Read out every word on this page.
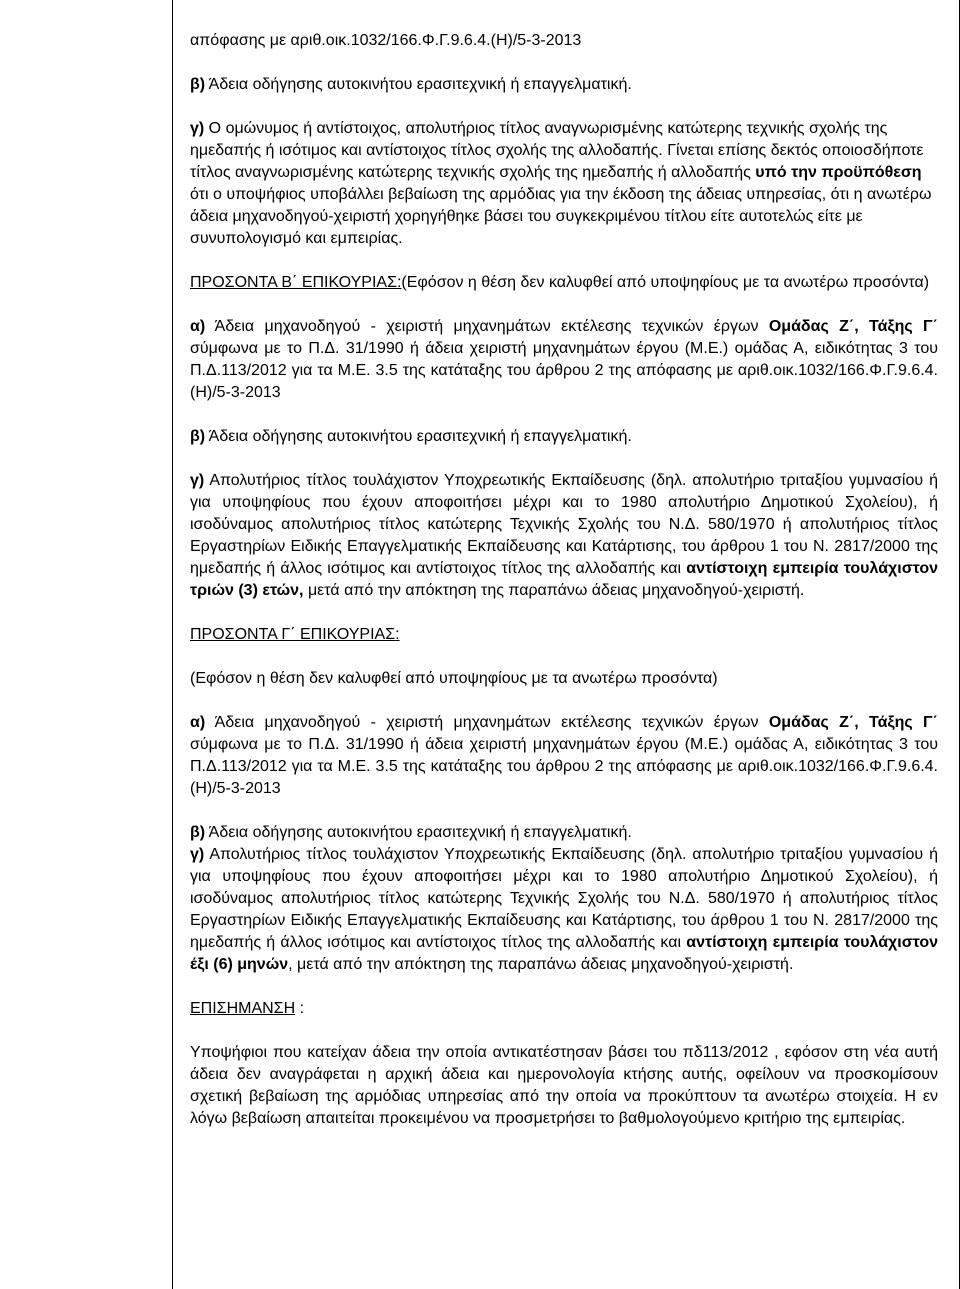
απόφασης με αριθ.οικ.1032/166.Φ.Γ.9.6.4.(Η)/5-3-2013

β) Άδεια οδήγησης αυτοκινήτου ερασιτεχνική ή επαγγελματική.

γ) Ο ομώνυμος ή αντίστοιχος, απολυτήριος τίτλος αναγνωρισμένης κατώτερης τεχνικής σχολής της ημεδαπής ή ισότιμος και αντίστοιχος τίτλος σχολής της αλλοδαπής. Γίνεται επίσης δεκτός οποιοσδήποτε τίτλος αναγνωρισμένης κατώτερης τεχνικής σχολής της ημεδαπής ή αλλοδαπής υπό την προϋπόθεση ότι ο υποψήφιος υποβάλλει βεβαίωση της αρμόδιας για την έκδοση της άδειας υπηρεσίας, ότι η ανωτέρω άδεια μηχανοδηγού-χειριστή χορηγήθηκε βάσει του συγκεκριμένου τίτλου είτε αυτοτελώς είτε με συνυπολογισμό και εμπειρίας.

ΠΡΟΣΟΝΤΑ Β΄ ΕΠΙΚΟΥΡΙΑΣ:(Εφόσον η θέση δεν καλυφθεί από υποψηφίους με τα ανωτέρω προσόντα)

α) Άδεια μηχανοδηγού - χειριστή μηχανημάτων εκτέλεσης τεχνικών έργων Ομάδας Ζ΄, Τάξης Γ΄ σύμφωνα με το Π.Δ. 31/1990 ή άδεια χειριστή μηχανημάτων έργου (Μ.Ε.) ομάδας Α, ειδικότητας 3 του Π.Δ.113/2012 για τα Μ.Ε. 3.5 της κατάταξης του άρθρου 2 της απόφασης με αριθ.οικ.1032/166.Φ.Γ.9.6.4.(Η)/5-3-2013

β) Άδεια οδήγησης αυτοκινήτου ερασιτεχνική ή επαγγελματική.

γ) Απολυτήριος τίτλος τουλάχιστον Υποχρεωτικής Εκπαίδευσης (δηλ. απολυτήριο τριταξίου γυμνασίου ή για υποψηφίους που έχουν αποφοιτήσει μέχρι και το 1980 απολυτήριο Δημοτικού Σχολείου), ή ισοδύναμος απολυτήριος τίτλος κατώτερης Τεχνικής Σχολής του Ν.Δ. 580/1970 ή απολυτήριος τίτλος Εργαστηρίων Ειδικής Επαγγελματικής Εκπαίδευσης και Κατάρτισης, του άρθρου 1 του Ν. 2817/2000 της ημεδαπής ή άλλος ισότιμος και αντίστοιχος τίτλος της αλλοδαπής και αντίστοιχη εμπειρία τουλάχιστον τριών (3) ετών, μετά από την απόκτηση της παραπάνω άδειας μηχανοδηγού-χειριστή.

ΠΡΟΣΟΝΤΑ Γ΄ ΕΠΙΚΟΥΡΙΑΣ:

(Εφόσον η θέση δεν καλυφθεί από υποψηφίους με τα ανωτέρω προσόντα)

α) Άδεια μηχανοδηγού - χειριστή μηχανημάτων εκτέλεσης τεχνικών έργων Ομάδας Ζ΄, Τάξης Γ΄ σύμφωνα με το Π.Δ. 31/1990 ή άδεια χειριστή μηχανημάτων έργου (Μ.Ε.) ομάδας Α, ειδικότητας 3 του Π.Δ.113/2012 για τα Μ.Ε. 3.5 της κατάταξης του άρθρου 2 της απόφασης με αριθ.οικ.1032/166.Φ.Γ.9.6.4.(Η)/5-3-2013

β) Άδεια οδήγησης αυτοκινήτου ερασιτεχνική ή επαγγελματική.

γ) Απολυτήριος τίτλος τουλάχιστον Υποχρεωτικής Εκπαίδευσης (δηλ. απολυτήριο τριταξίου γυμνασίου ή για υποψηφίους που έχουν αποφοιτήσει μέχρι και το 1980 απολυτήριο Δημοτικού Σχολείου), ή ισοδύναμος απολυτήριος τίτλος κατώτερης Τεχνικής Σχολής του Ν.Δ. 580/1970 ή απολυτήριος τίτλος Εργαστηρίων Ειδικής Επαγγελματικής Εκπαίδευσης και Κατάρτισης, του άρθρου 1 του Ν. 2817/2000 της ημεδαπής ή άλλος ισότιμος και αντίστοιχος τίτλος της αλλοδαπής και αντίστοιχη εμπειρία τουλάχιστον έξι (6) μηνών, μετά από την απόκτηση της παραπάνω άδειας μηχανοδηγού-χειριστή.

ΕΠΙΣΗΜΑΝΣΗ :

Υποψήφιοι που κατείχαν άδεια την οποία αντικατέστησαν βάσει του πδ113/2012 , εφόσον στη νέα αυτή άδεια δεν αναγράφεται η αρχική άδεια και ημερονολογία κτήσης αυτής, οφείλουν να προσκομίσουν σχετική βεβαίωση της αρμόδιας υπηρεσίας από την οποία να προκύπτουν τα ανωτέρω στοιχεία. Η εν λόγω βεβαίωση απαιτείται προκειμένου να προσμετρήσει το βαθμολογούμενο κριτήριο της εμπειρίας.
